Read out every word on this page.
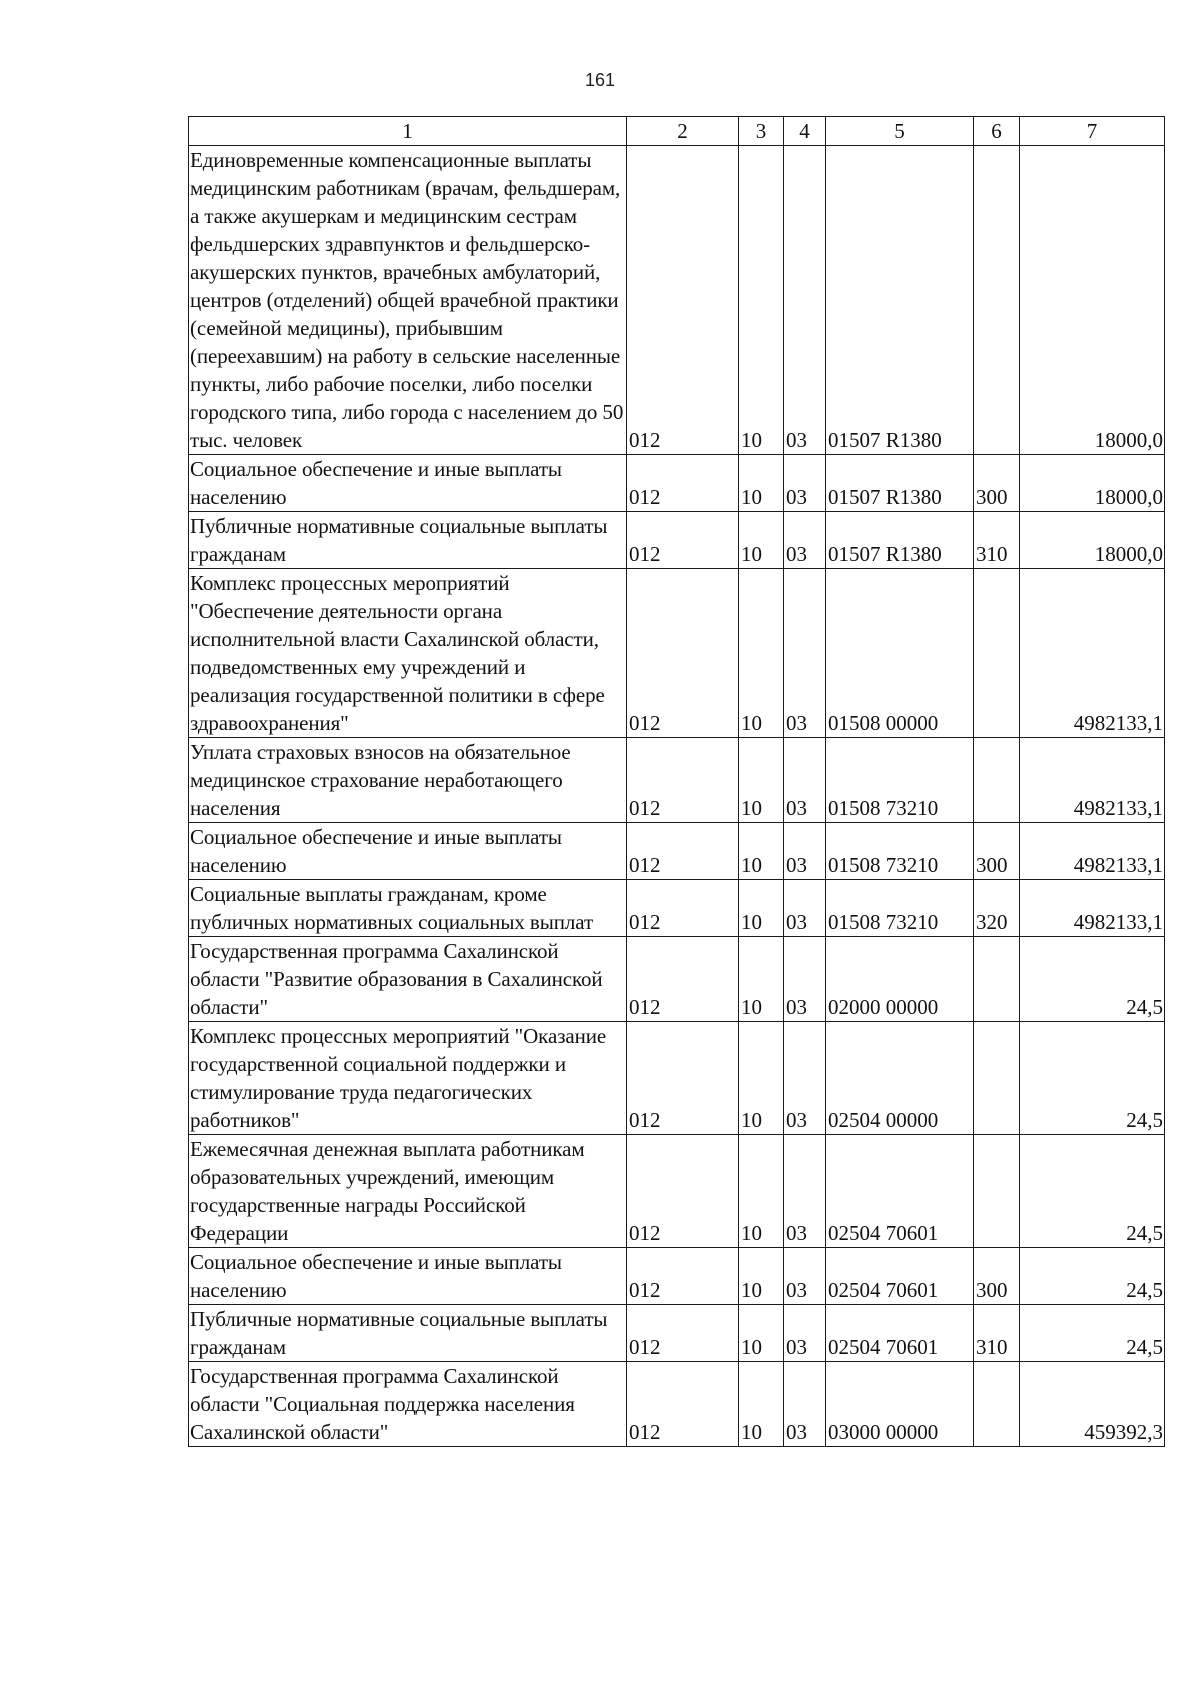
161
1	2	3	4	5	6	7
Единовременные компенсационные выплаты медицинским работникам (врачам, фельдшерам, а также акушеркам и медицинским сестрам фельдшерских здравпунктов и фельдшерско-акушерских пунктов, врачебных амбулаторий, центров (отделений) общей врачебной практики (семейной медицины), прибывшим (переехавшим) на работу в сельские населенные пункты, либо рабочие поселки, либо поселки городского типа, либо города с населением до 50 тыс. человек	012	10	03	01507 R1380		18000,0
Социальное обеспечение и иные выплаты населению	012	10	03	01507 R1380	300	18000,0
Публичные нормативные социальные выплаты гражданам	012	10	03	01507 R1380	310	18000,0
Комплекс процессных мероприятий "Обеспечение деятельности органа исполнительной власти Сахалинской области, подведомственных ему учреждений и реализация государственной политики в сфере здравоохранения"	012	10	03	01508 00000		4982133,1
Уплата страховых взносов на обязательное медицинское страхование неработающего населения	012	10	03	01508 73210		4982133,1
Социальное обеспечение и иные выплаты населению	012	10	03	01508 73210	300	4982133,1
Социальные выплаты гражданам, кроме публичных нормативных социальных выплат	012	10	03	01508 73210	320	4982133,1
Государственная программа Сахалинской области "Развитие образования в Сахалинской области"	012	10	03	02000 00000		24,5
Комплекс процессных мероприятий "Оказание государственной социальной поддержки и стимулирование труда педагогических работников"	012	10	03	02504 00000		24,5
Ежемесячная денежная выплата работникам образовательных учреждений, имеющим государственные награды Российской Федерации	012	10	03	02504 70601		24,5
Социальное обеспечение и иные выплаты населению	012	10	03	02504 70601	300	24,5
Публичные нормативные социальные выплаты гражданам	012	10	03	02504 70601	310	24,5
Государственная программа Сахалинской области "Социальная поддержка населения Сахалинской области"	012	10	03	03000 00000		459392,3
